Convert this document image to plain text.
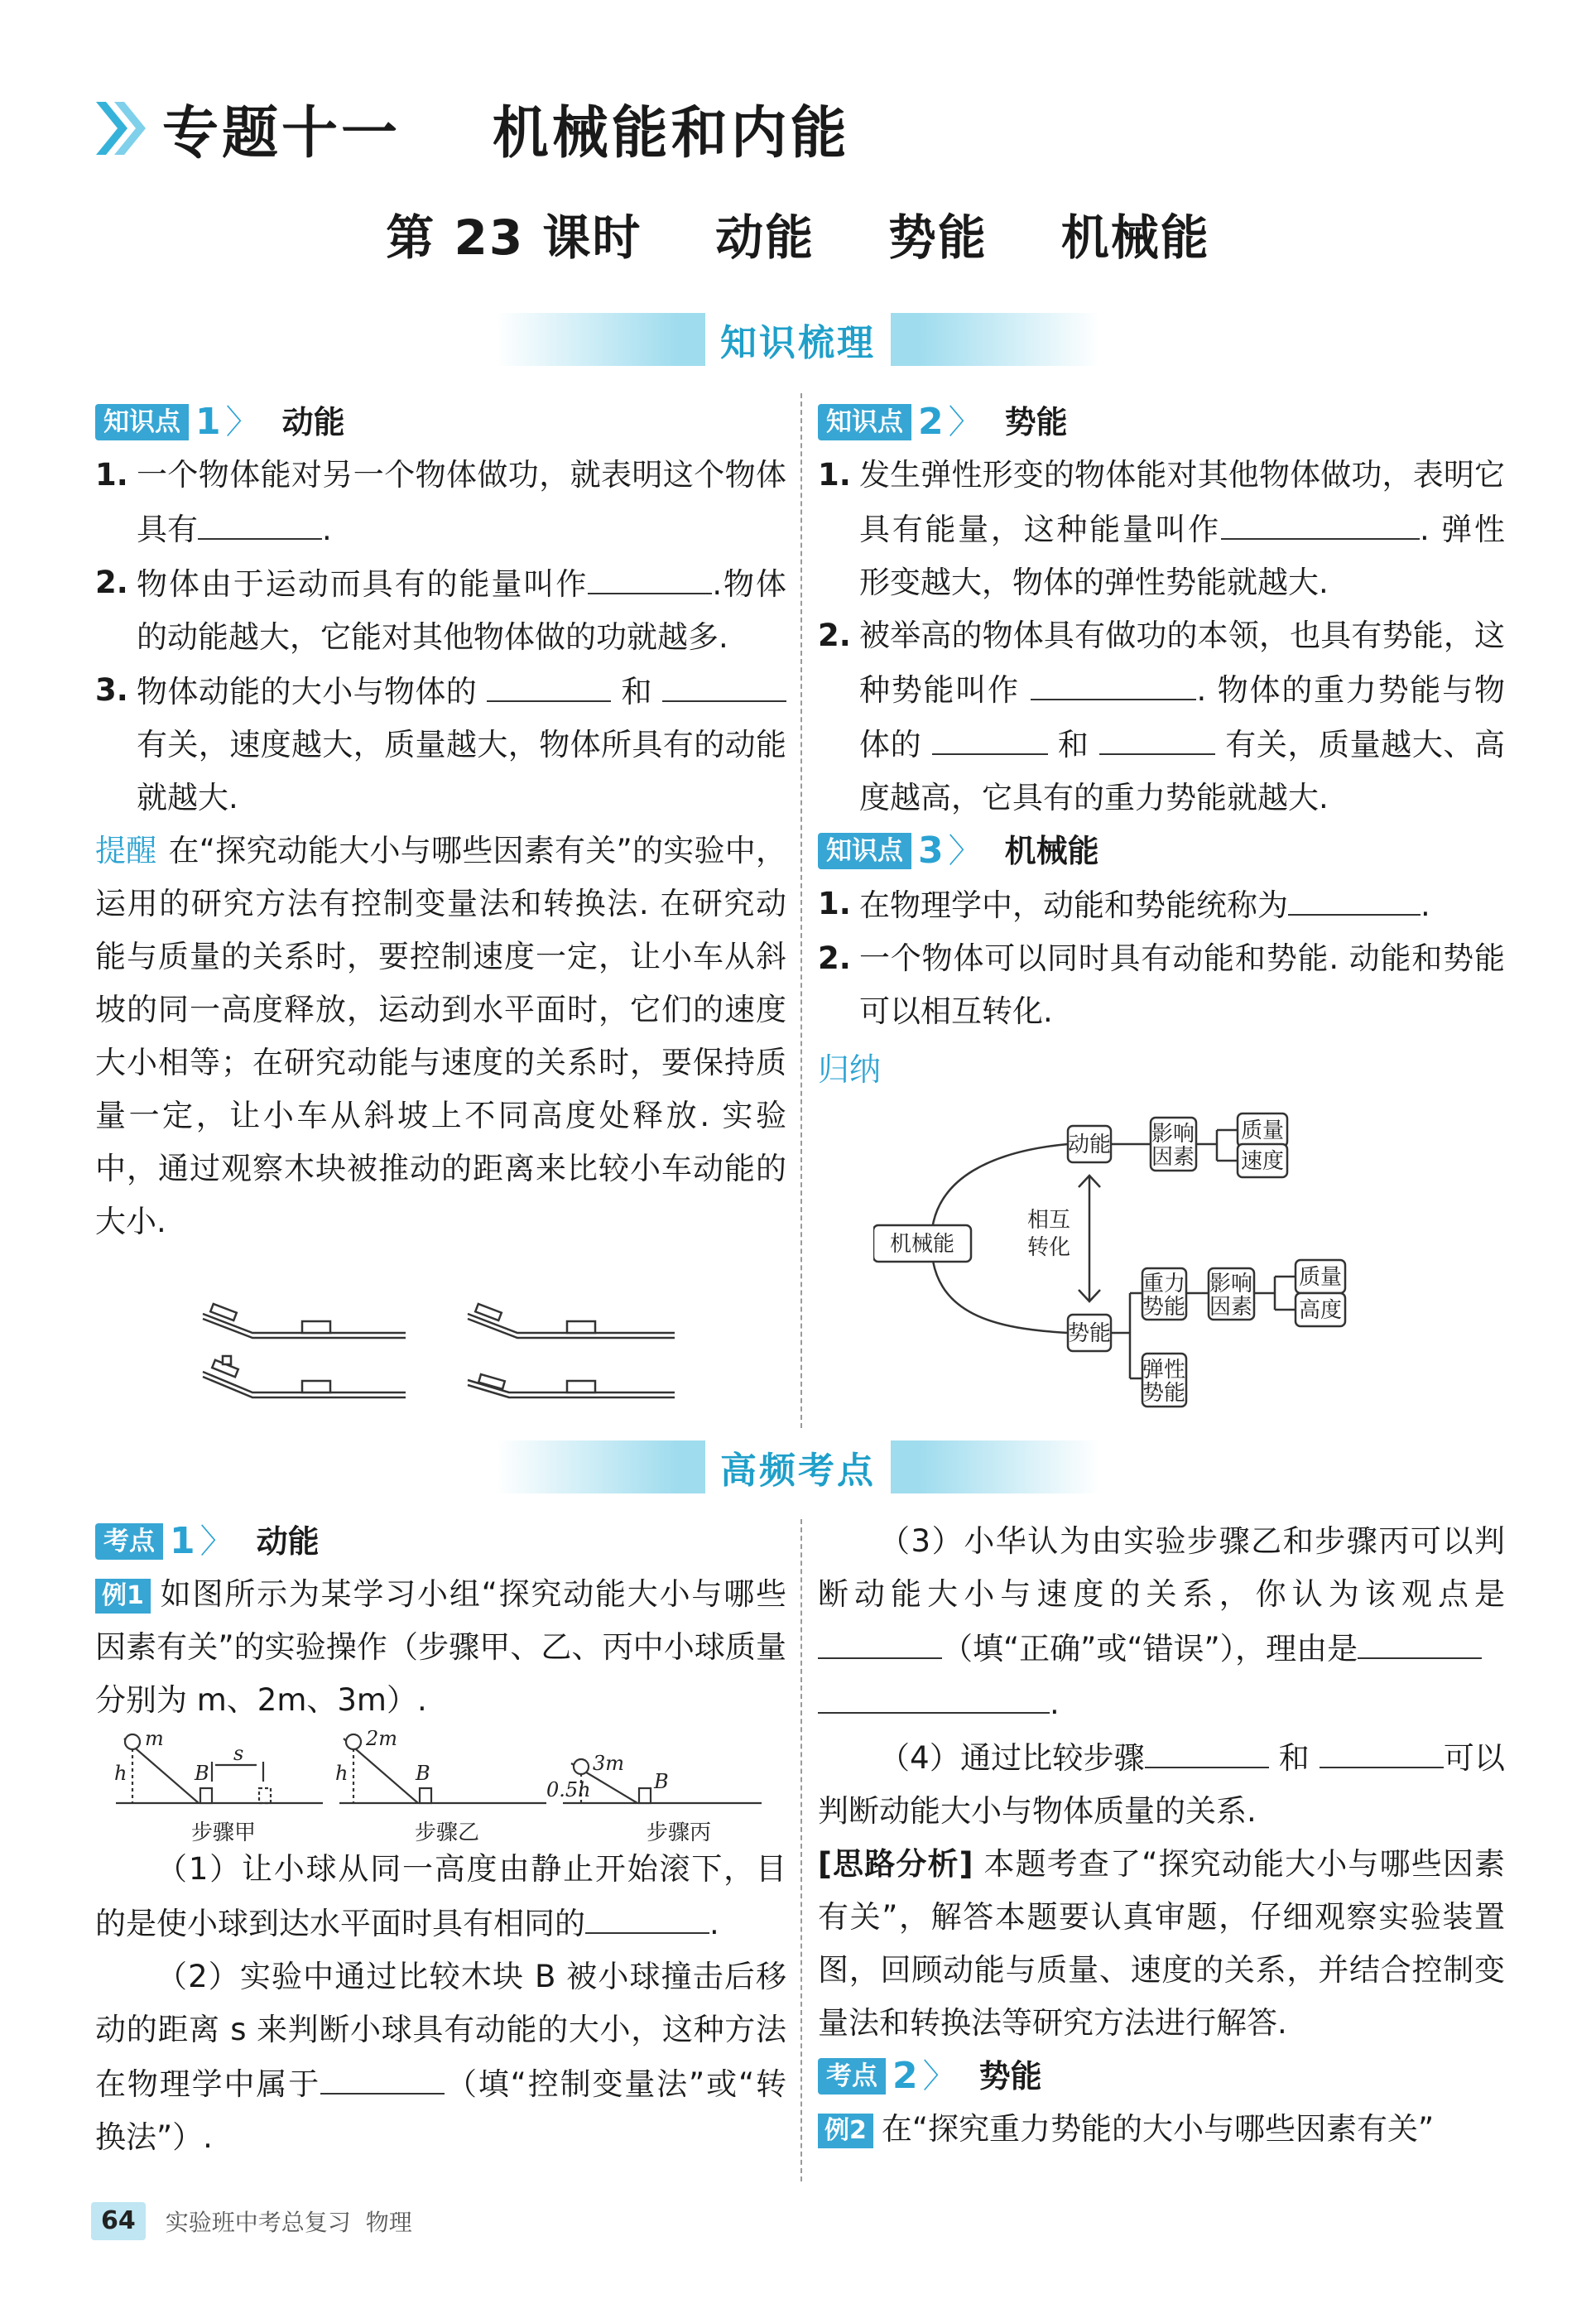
专题十一    机械能和内能
第 23 课时    动能    势能    机械能
知识梳理
知识点 1 〉 动能
1. 一个物体能对另一个物体做功，就表明这个物体具有	.
2. 物体由于运动而具有的能量叫作	.物体的动能越大，它能对其他物体做的功就越多.
3. 物体动能的大小与物体的	和 有关，速度越大，质量越大，物体所具有的动能就越大.
提醒 在“探究动能大小与哪些因素有关”的实验中，运用的研究方法有控制变量法和转换法. 在研究动能与质量的关系时，要控制速度一定，让小车从斜坡的同一高度释放，运动到水平面时，它们的速度大小相等；在研究动能与速度的关系时，要保持质量一定，让小车从斜坡上不同高度处释放. 实验中，通过观察木块被推动的距离来比较小车动能的大小.
知识点 2 〉 势能
1. 发生弹性形变的物体能对其他物体做功，表明它具有能量，这种能量叫作	. 弹性形变越大，物体的弹性势能就越大.
2. 被举高的物体具有做功的本领，也具有势能，这种势能叫作	. 物体的重力势能与物体的	和	有关，质量越大、高度越高，它具有的重力势能就越大.
知识点 3 〉 机械能
1. 在物理学中，动能和势能统称为	.
2. 一个物体可以同时具有动能和势能. 动能和势能可以相互转化.
归纳
机械能
动能 影响
因素
质量
速度
相互
转化
势能
重力
势能
影响
因素
质量
高度
弹性
势能
高频考点
考点 1 〉 动能
例1 如图所示为某学习小组“探究动能大小与哪些因素有关”的实验操作（步骤甲、乙、丙中小球质量分别为 m、2m、3m）.
（1）让小球从同一高度由静止开始滚下，目的是使小球到达水平面时具有相同的	.
（2）实验中通过比较木块 B 被小球撞击后移动的距离 s 来判断小球具有动能的大小，这种方法在物理学中属于	（填“控制变量法”或“转换法”）.
m	2m
3m
h	h
0.5h
B	B	B
s
步骤甲	步骤乙	步骤丙
（3）小华认为由实验步骤乙和步骤丙可以判断动能大小与速度的关系，你认为该观点是（填“正确”或“错误”），理由是
.
（4）通过比较步骤	和	可以判断动能大小与物体质量的关系.
[思路分析] 本题考查了“探究动能大小与哪些因素有关”，解答本题要认真审题，仔细观察实验装置图，回顾动能与质量、速度的关系，并结合控制变量法和转换法等研究方法进行解答.
考点 2 〉 势能
例2 在“探究重力势能的大小与哪些因素有关”
64	实验班中考总复习 物理
